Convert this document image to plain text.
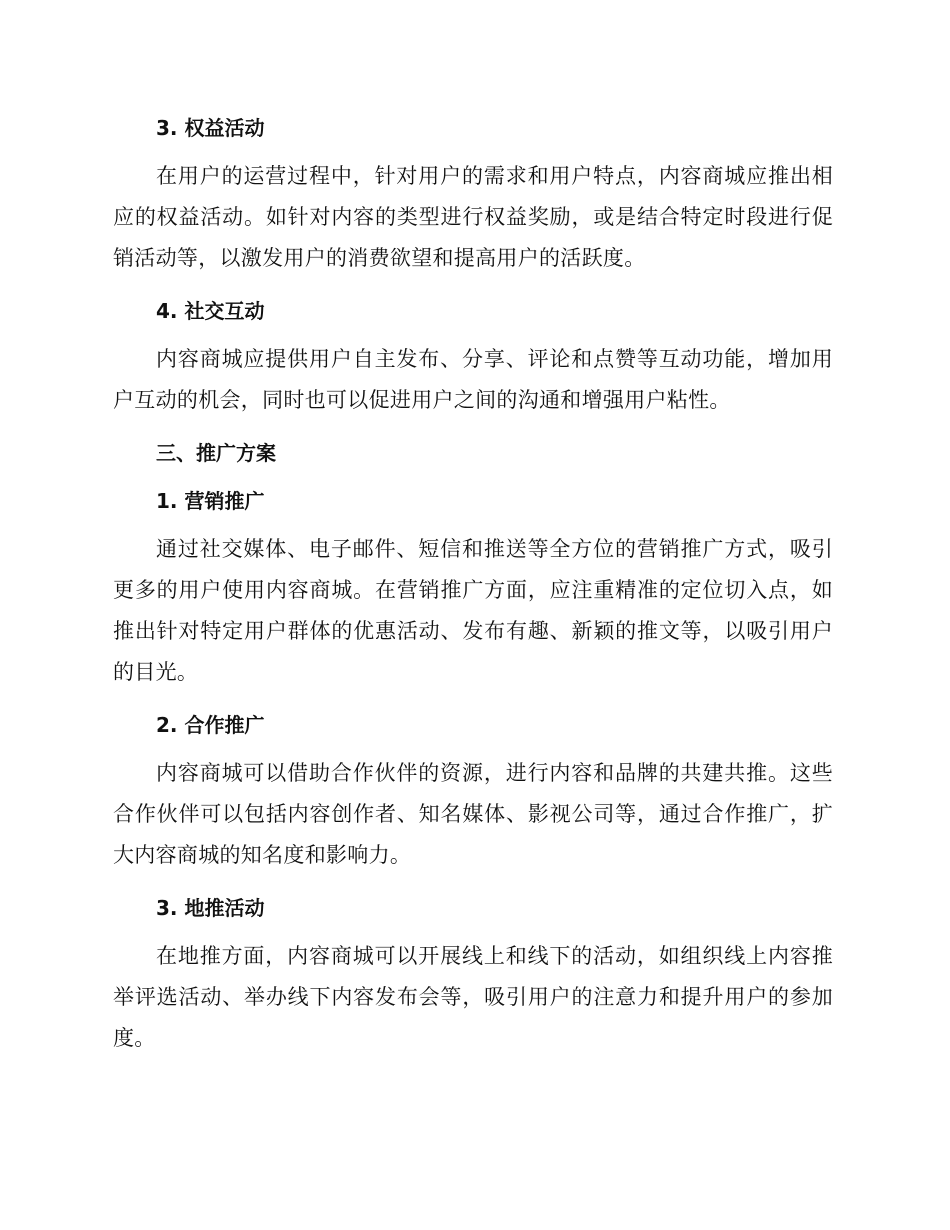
3. 权益活动

在用户的运营过程中，针对用户的需求和用户特点，内容商城应推出相应的权益活动。如针对内容的类型进行权益奖励，或是结合特定时段进行促销活动等，以激发用户的消费欲望和提高用户的活跃度。

4. 社交互动

内容商城应提供用户自主发布、分享、评论和点赞等互动功能，增加用户互动的机会，同时也可以促进用户之间的沟通和增强用户粘性。

三、推广方案
1. 营销推广

通过社交媒体、电子邮件、短信和推送等全方位的营销推广方式，吸引更多的用户使用内容商城。在营销推广方面，应注重精准的定位切入点，如推出针对特定用户群体的优惠活动、发布有趣、新颖的推文等，以吸引用户的目光。

2. 合作推广

内容商城可以借助合作伙伴的资源，进行内容和品牌的共建共推。这些合作伙伴可以包括内容创作者、知名媒体、影视公司等，通过合作推广，扩大内容商城的知名度和影响力。

3. 地推活动

在地推方面，内容商城可以开展线上和线下的活动，如组织线上内容推举评选活动、举办线下内容发布会等，吸引用户的注意力和提升用户的参加度。
